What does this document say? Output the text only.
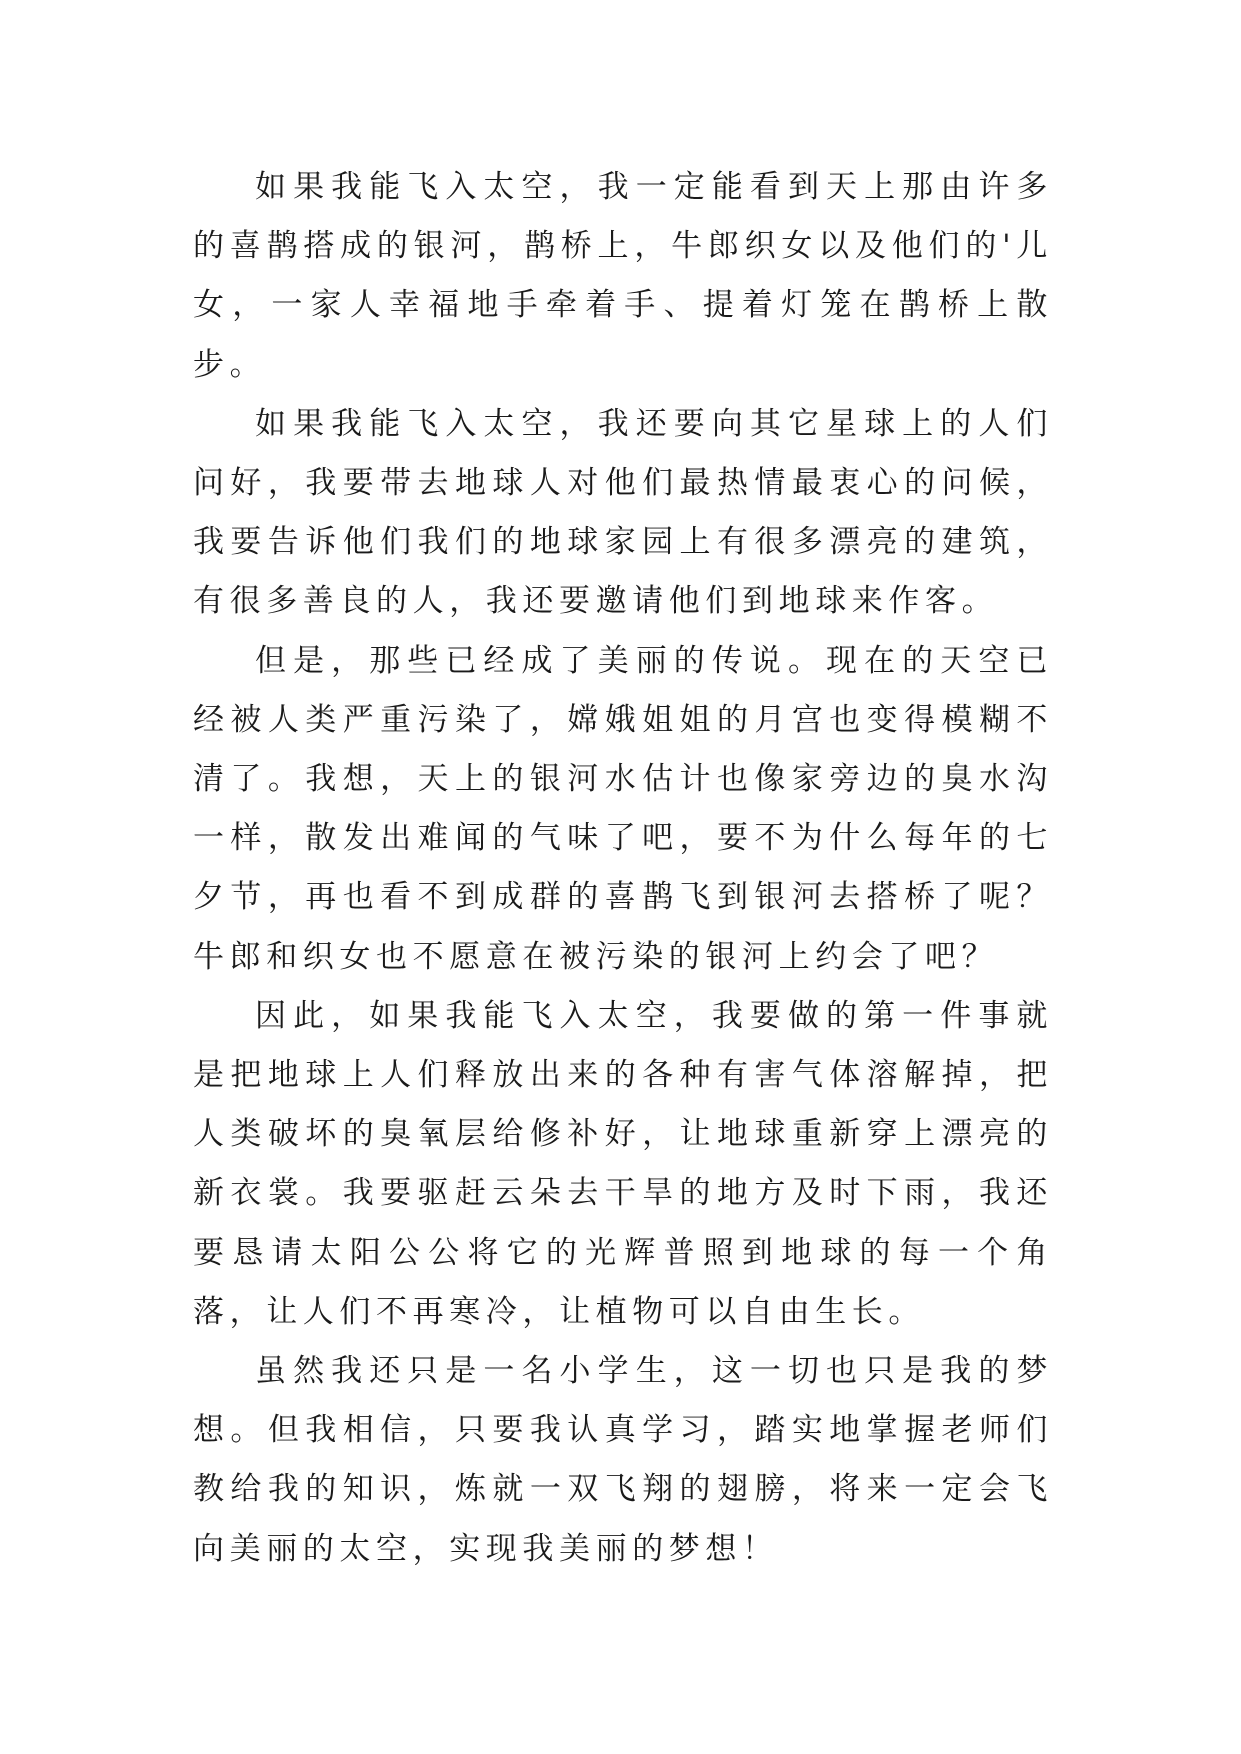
如果我能飞入太空，我一定能看到天上那由许多的喜鹊搭成的银河，鹊桥上，牛郎织女以及他们的'儿女，一家人幸福地手牵着手、提着灯笼在鹊桥上散步。

如果我能飞入太空，我还要向其它星球上的人们问好，我要带去地球人对他们最热情最衷心的问候，我要告诉他们我们的地球家园上有很多漂亮的建筑，有很多善良的人，我还要邀请他们到地球来作客。

但是，那些已经成了美丽的传说。现在的天空已经被人类严重污染了，嫦娥姐姐的月宫也变得模糊不清了。我想，天上的银河水估计也像家旁边的臭水沟一样，散发出难闻的气味了吧，要不为什么每年的七夕节，再也看不到成群的喜鹊飞到银河去搭桥了呢？牛郎和织女也不愿意在被污染的银河上约会了吧？

因此，如果我能飞入太空，我要做的第一件事就是把地球上人们释放出来的各种有害气体溶解掉，把人类破坏的臭氧层给修补好，让地球重新穿上漂亮的新衣裳。我要驱赶云朵去干旱的地方及时下雨，我还要恳请太阳公公将它的光辉普照到地球的每一个角落，让人们不再寒冷，让植物可以自由生长。

虽然我还只是一名小学生，这一切也只是我的梦想。但我相信，只要我认真学习，踏实地掌握老师们教给我的知识，炼就一双飞翔的翅膀，将来一定会飞向美丽的太空，实现我美丽的梦想！
